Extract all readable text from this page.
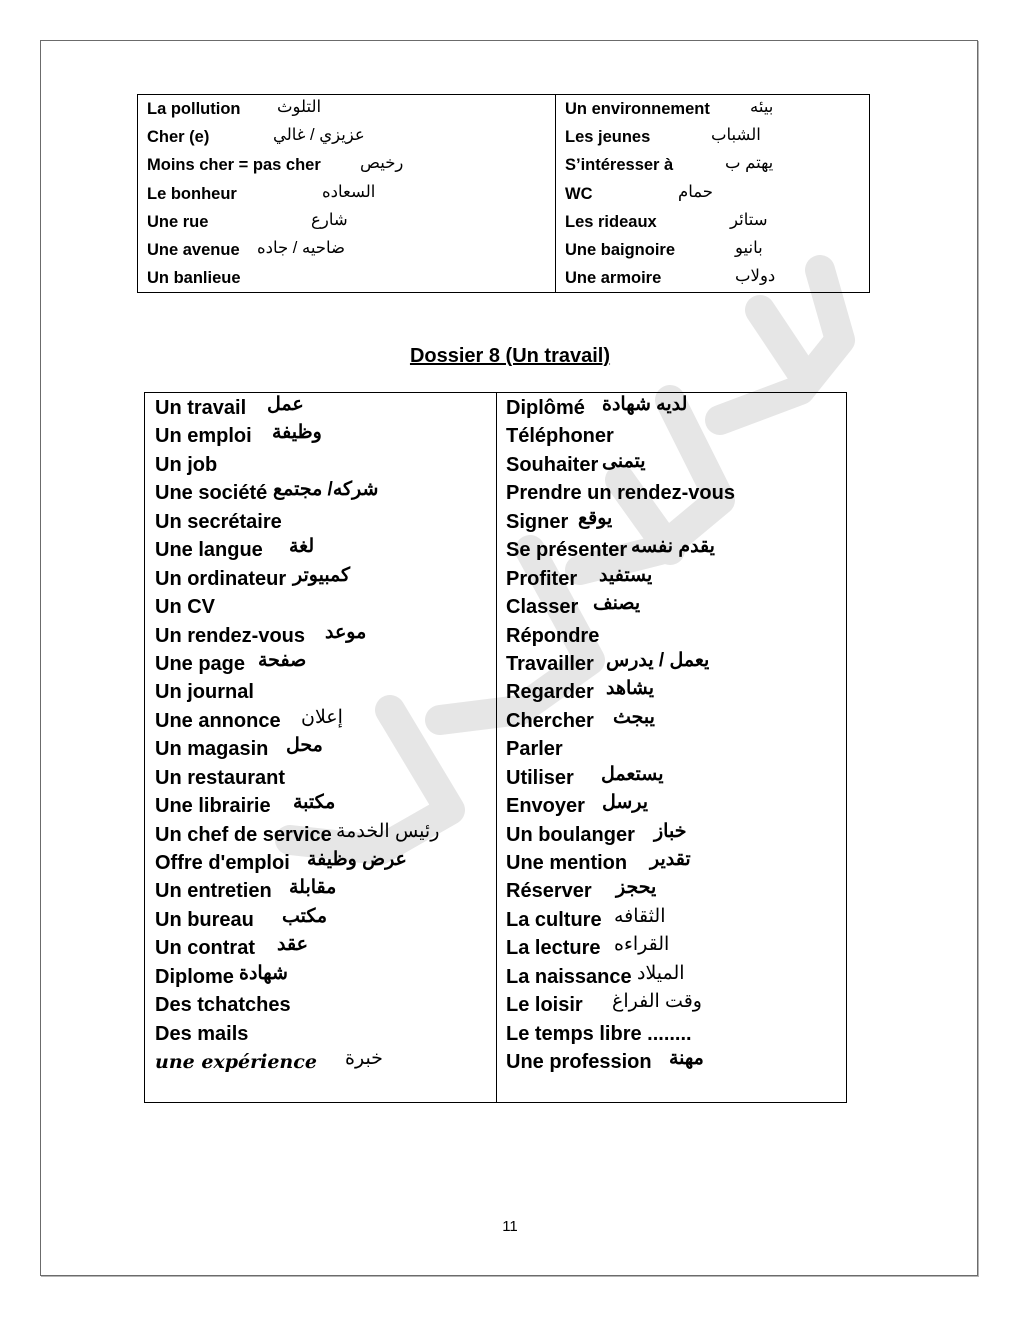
La pollution التلوث
Cher (e)	عزيزي / غالي
Moins cher = pas cher رخيص
Le bonheur	السعاده
Une rue	شارع
Une avenue ضاحيه / جاده
Un banlieue
Un environnement بيئه
Les jeunes	الشباب
S’intéresser à	يهتم ب
WC	حمام
Les rideaux	ستائر
Une baignoire	بانيو
Une armoire	دولاب
Dossier 8 (Un travail)
Un travail عمل
Un emploi وظيفة
Un job
Une société شركه/ مجتمع
Un secrétaire
Une langue لغة
Un ordinateur كمبيوتر
Un CV
Un rendez-vous موعد
Une page صفحة
Un journal
Une annonce إعلان
Un magasin محل
Un restaurant
Une librairie مكتبة
Un chef de service رئيس الخدمة
Offre d'emploi عرض وظيفة
Un entretien مقابلة
Un bureau مكتب
Un contrat عقد
Diplome شهادة
Des tchatches
Des mails
une expérience خبرة
Diplômé لديه شهادة
Téléphoner
Souhaiter يتمنى
Prendre un rendez-vous
Signer يوقع
Se présenter يقدم نفسه
Profiter يستفيد
Classer يصنف
Répondre
Travailler يعمل / يدرس
Regarder يشاهد
Chercher يبجث
Parler
Utiliser يستعمل
Envoyer يرسل
Un boulanger خباز
Une mention تقدير
Réserver يحجز
La culture الثقافه
La lecture القراءه
La naissance الميلاد
Le loisir وقت الفراغ
Le temps libre ........
Une profession مهنة
11
